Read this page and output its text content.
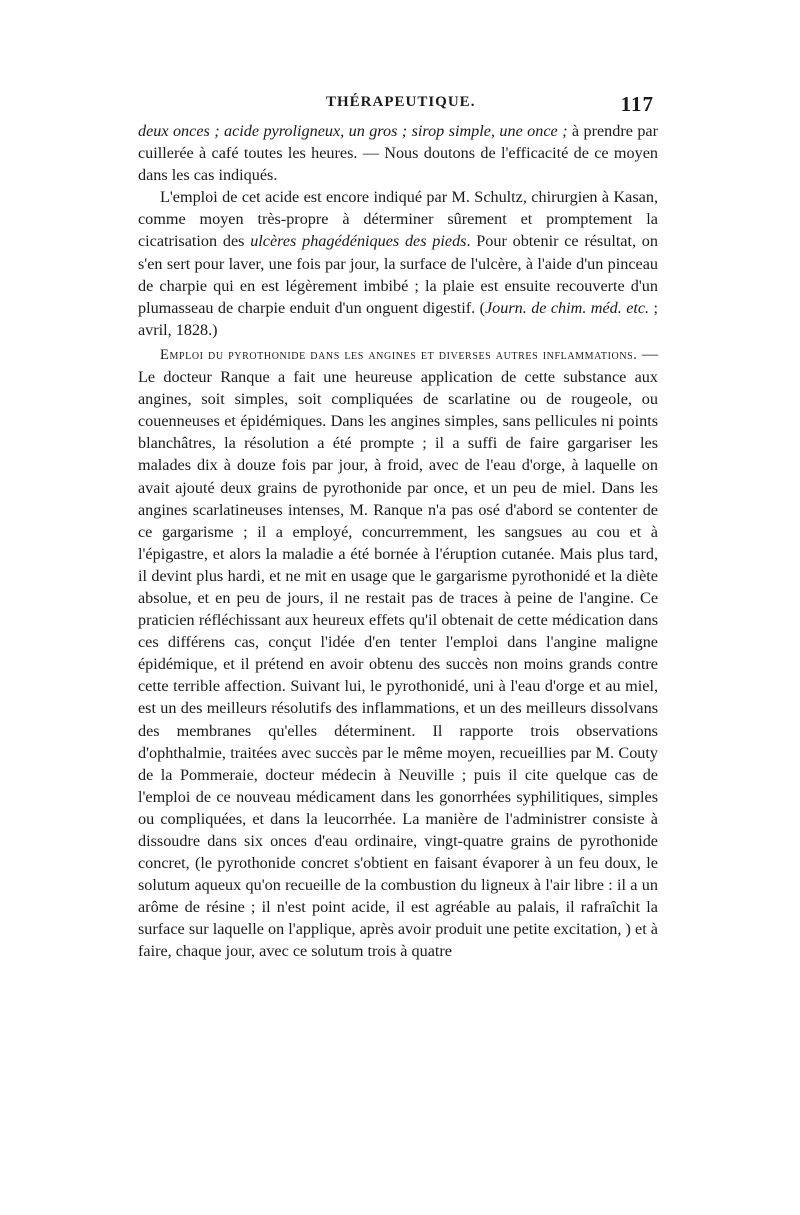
THÉRAPEUTIQUE.	117

deux onces ; acide pyroligneux, un gros ; sirop simple, une once ; à prendre par cuillerée à café toutes les heures. — Nous doutons de l'efficacité de ce moyen dans les cas indiqués.

L'emploi de cet acide est encore indiqué par M. Schultz, chirurgien à Kasan, comme moyen très-propre à déterminer sûrement et promptement la cicatrisation des ulcères phagédéniques des pieds. Pour obtenir ce résultat, on s'en sert pour laver, une fois par jour, la surface de l'ulcère, à l'aide d'un pinceau de charpie qui en est légèrement imbibé ; la plaie est ensuite recouverte d'un plumasseau de charpie enduit d'un onguent digestif. (Journ. de chim. méd. etc. ; avril, 1828.)

Emploi du pyrothonide dans les angines et diverses autres inflammations. — Le docteur Ranque a fait une heureuse application de cette substance aux angines, soit simples, soit compliquées de scarlatine ou de rougeole, ou couenneuses et épidémiques. Dans les angines simples, sans pellicules ni points blanchâtres, la résolution a été prompte ; il a suffi de faire gargariser les malades dix à douze fois par jour, à froid, avec de l'eau d'orge, à laquelle on avait ajouté deux grains de pyrothonide par once, et un peu de miel. Dans les angines scarlatineuses intenses, M. Ranque n'a pas osé d'abord se contenter de ce gargarisme ; il a employé, concurremment, les sangsues au cou et à l'épigastre, et alors la maladie a été bornée à l'éruption cutanée. Mais plus tard, il devint plus hardi, et ne mit en usage que le gargarisme pyrothonidé et la diète absolue, et en peu de jours, il ne restait pas de traces à peine de l'angine. Ce praticien réfléchissant aux heureux effets qu'il obtenait de cette médication dans ces différens cas, conçut l'idée d'en tenter l'emploi dans l'angine maligne épidémique, et il prétend en avoir obtenu des succès non moins grands contre cette terrible affection. Suivant lui, le pyrothonidé, uni à l'eau d'orge et au miel, est un des meilleurs résolutifs des inflammations, et un des meilleurs dissolvans des membranes qu'elles déterminent. Il rapporte trois observations d'ophthalmie, traitées avec succès par le même moyen, recueillies par M. Couty de la Pommeraie, docteur médecin à Neuville ; puis il cite quelque cas de l'emploi de ce nouveau médicament dans les gonorrhées syphilitiques, simples ou compliquées, et dans la leucorrhée. La manière de l'administrer consiste à dissoudre dans six onces d'eau ordinaire, vingt-quatre grains de pyrothonide concret, (le pyrothonide concret s'obtient en faisant évaporer à un feu doux, le solutum aqueux qu'on recueille de la combustion du ligneux à l'air libre : il a un arôme de résine ; il n'est point acide, il est agréable au palais, il rafraîchit la surface sur laquelle on l'applique, après avoir produit une petite excitation, ) et à faire, chaque jour, avec ce solutum trois à quatre
